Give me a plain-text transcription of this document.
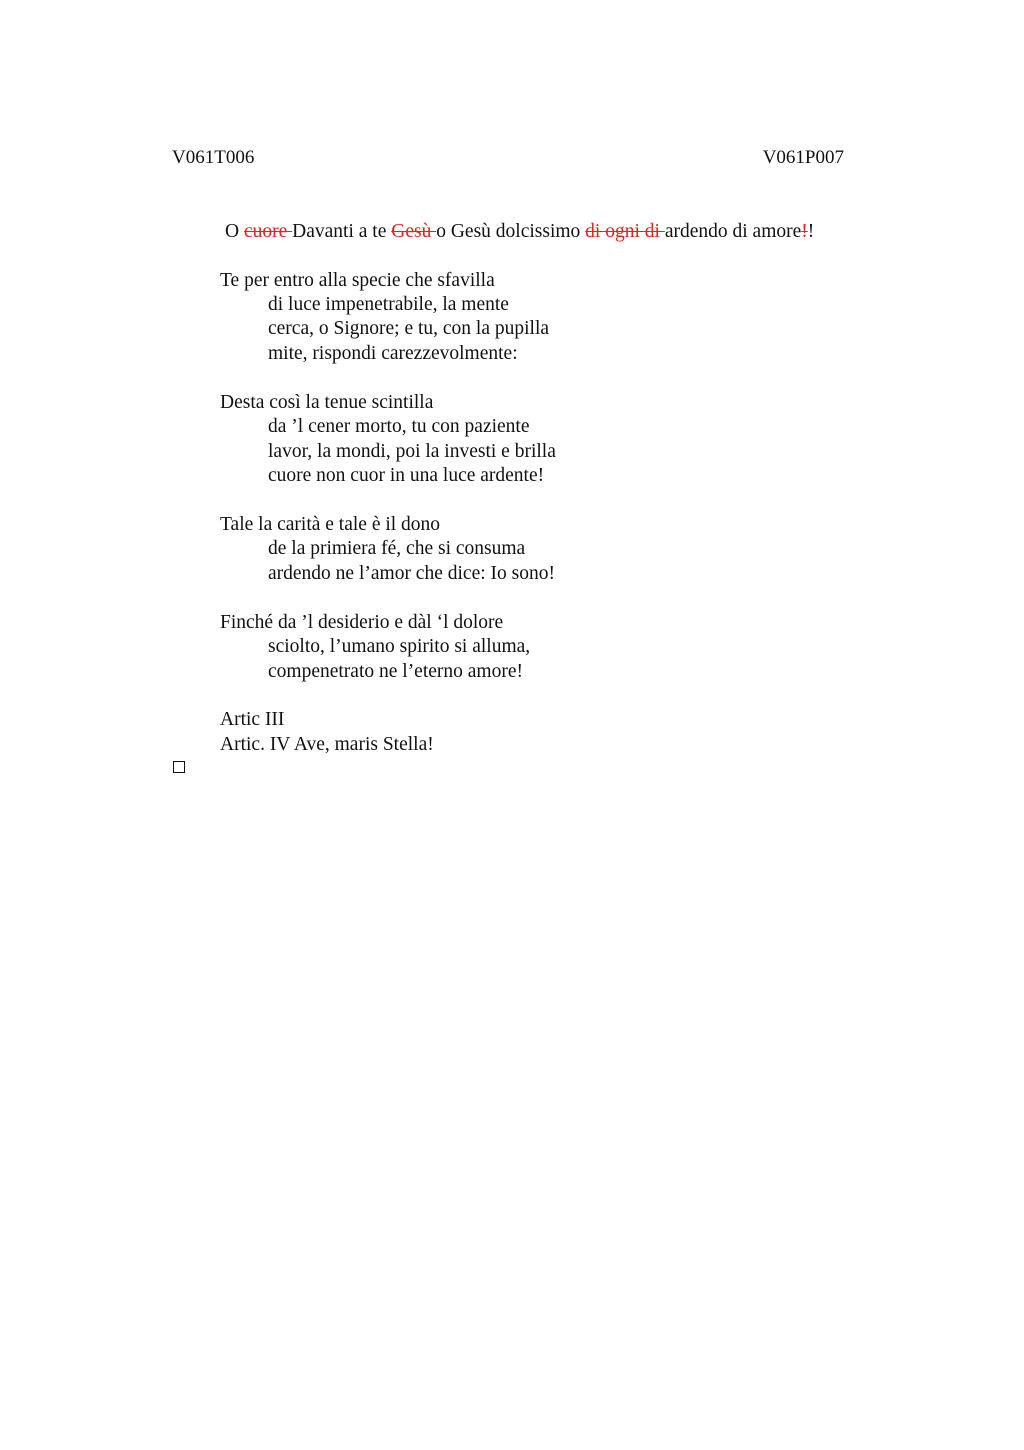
V061T006	V061P007
O cuore Davanti a te Gesù o Gesù dolcissimo di ogni di ardendo di amore!!
Te per entro alla specie che sfavilla
di luce impenetrabile, la mente
cerca, o Signore; e tu, con la pupilla
mite, rispondi carezzevolmente:
Desta così la tenue scintilla
da ’l cener morto, tu con paziente
lavor, la mondi, poi la investi e brilla
cuore non cuor in una luce ardente!
Tale la carità e tale è il dono
de la primiera fé, che si consuma
ardendo ne l’amor che dice: Io sono!
Finché da ’l desiderio e dàl ‘l dolore
sciolto, l’umano spirito si alluma,
compenetrato ne l’eterno amore!
Artic III
Artic. IV Ave, maris Stella!
